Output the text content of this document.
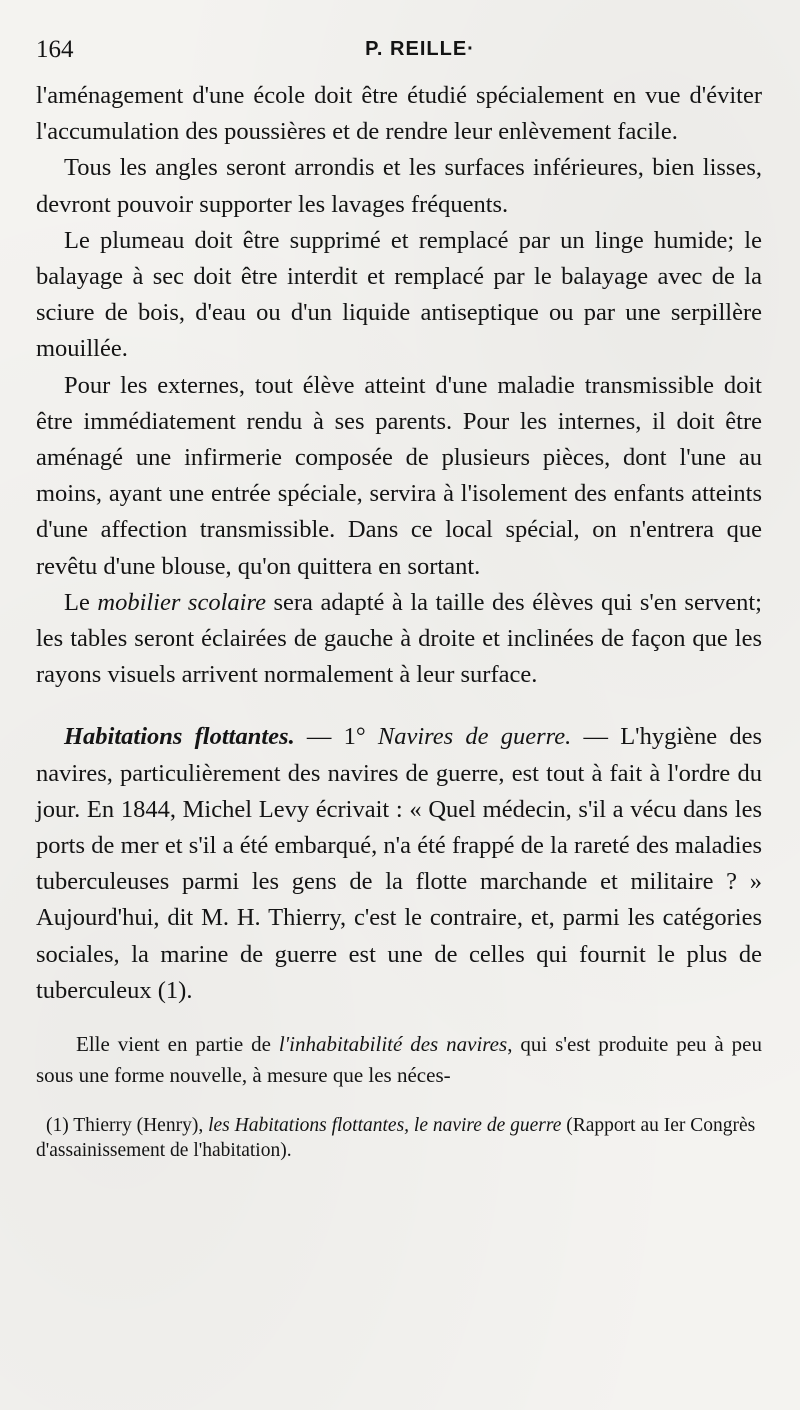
164	P. REILLE·

l'aménagement d'une école doit être étudié spécialement en vue d'éviter l'accumulation des poussières et de rendre leur enlèvement facile.

Tous les angles seront arrondis et les surfaces inférieures, bien lisses, devront pouvoir supporter les lavages fréquents.

Le plumeau doit être supprimé et remplacé par un linge humide; le balayage à sec doit être interdit et remplacé par le balayage avec de la sciure de bois, d'eau ou d'un liquide antiseptique ou par une serpillère mouillée.

Pour les externes, tout élève atteint d'une maladie transmissible doit être immédiatement rendu à ses parents. Pour les internes, il doit être aménagé une infirmerie composée de plusieurs pièces, dont l'une au moins, ayant une entrée spéciale, servira à l'isolement des enfants atteints d'une affection transmissible. Dans ce local spécial, on n'entrera que revêtu d'une blouse, qu'on quittera en sortant.

Le mobilier scolaire sera adapté à la taille des élèves qui s'en servent; les tables seront éclairées de gauche à droite et inclinées de façon que les rayons visuels arrivent normalement à leur surface.

Habitations flottantes. — 1° Navires de guerre. — L'hygiène des navires, particulièrement des navires de guerre, est tout à fait à l'ordre du jour. En 1844, Michel Levy écrivait : « Quel médecin, s'il a vécu dans les ports de mer et s'il a été embarqué, n'a été frappé de la rareté des maladies tuberculeuses parmi les gens de la flotte marchande et militaire ? » Aujourd'hui, dit M. H. Thierry, c'est le contraire, et, parmi les catégories sociales, la marine de guerre est une de celles qui fournit le plus de tuberculeux (1).

Elle vient en partie de l'inhabitabilité des navires, qui s'est produite peu à peu sous une forme nouvelle, à mesure que les néces-

(1) Thierry (Henry), les Habitations flottantes, le navire de guerre (Rapport au Ier Congrès d'assainissement de l'habitation).
